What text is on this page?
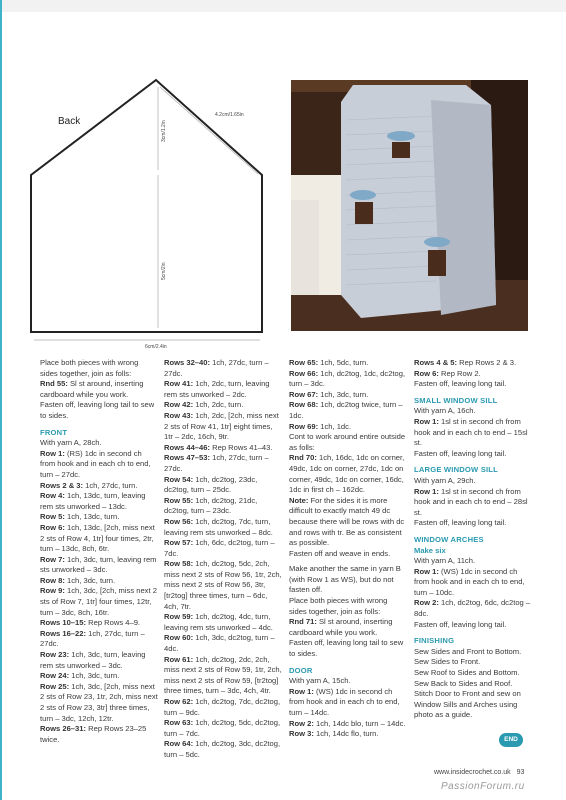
Back
4.2cm/1.65in
3cm/1.2in
5cm/2in
6cm/2.4in

Place both pieces with wrong sides together, join as folls:

Rnd 55: Sl st around, inserting cardboard while you work.

Fasten off, leaving long tail to sew to sides.

FRONT

With yarn A, 28ch.

Row 1: (RS) 1dc in second ch from hook and in each ch to end, turn – 27dc.

Rows 2 & 3: 1ch, 27dc, turn.

Row 4: 1ch, 13dc, turn, leaving rem sts unworked – 13dc.

Row 5: 1ch, 13dc, turn.

Row 6: 1ch, 13dc, [2ch, miss next 2 sts of Row 4, 1tr] four times, 2tr, turn – 13dc, 8ch, 6tr.

Row 7: 1ch, 3dc, turn, leaving rem sts unworked – 3dc.

Row 8: 1ch, 3dc, turn.

Row 9: 1ch, 3dc, [2ch, miss next 2 sts of Row 7, 1tr] four times, 12tr, turn – 3dc, 8ch, 16tr.

Rows 10–15: Rep Rows 4–9.

Rows 16–22: 1ch, 27dc, turn – 27dc.

Row 23: 1ch, 3dc, turn, leaving rem sts unworked – 3dc.

Row 24: 1ch, 3dc, turn.

Row 25: 1ch, 3dc, [2ch, miss next 2 sts of Row 23, 1tr, 2ch, miss next 2 sts of Row 23, 3tr] three times, turn – 3dc, 12ch, 12tr.

Rows 26–31: Rep Rows 23–25 twice.

Rows 32–40: 1ch, 27dc, turn – 27dc.

Row 41: 1ch, 2dc, turn, leaving rem sts unworked – 2dc.

Row 42: 1ch, 2dc, turn.

Row 43: 1ch, 2dc, [2ch, miss next 2 sts of Row 41, 1tr] eight times, 1tr – 2dc, 16ch, 9tr.

Rows 44–46: Rep Rows 41–43.

Rows 47–53: 1ch, 27dc, turn – 27dc.

Row 54: 1ch, dc2tog, 23dc, dc2tog, turn – 25dc.

Row 55: 1ch, dc2tog, 21dc, dc2tog, turn – 23dc.

Row 56: 1ch, dc2tog, 7dc, turn, leaving rem sts unworked – 8dc.

Row 57: 1ch, 6dc, dc2tog, turn – 7dc.

Row 58: 1ch, dc2tog, 5dc, 2ch, miss next 2 sts of Row 56, 1tr, 2ch, miss next 2 sts of Row 56, 3tr, [tr2tog] three times, turn – 6dc, 4ch, 7tr.

Row 59: 1ch, dc2tog, 4dc, turn, leaving rem sts unworked – 4dc.

Row 60: 1ch, 3dc, dc2tog, turn – 4dc.

Row 61: 1ch, dc2tog, 2dc, 2ch, miss next 2 sts of Row 59, 1tr, 2ch, miss next 2 sts of Row 59, [tr2tog] three times, turn – 3dc, 4ch, 4tr.

Row 62: 1ch, dc2tog, 7dc, dc2tog, turn – 9dc.

Row 63: 1ch, dc2tog, 5dc, dc2tog, turn – 7dc.

Row 64: 1ch, dc2tog, 3dc, dc2tog, turn – 5dc.

Row 65: 1ch, 5dc, turn.

Row 66: 1ch, dc2tog, 1dc, dc2tog, turn – 3dc.

Row 67: 1ch, 3dc, turn.

Row 68: 1ch, dc2tog twice, turn – 1dc.

Row 69: 1ch, 1dc.

Cont to work around entire outside as folls:

Rnd 70: 1ch, 16dc, 1dc on corner, 49dc, 1dc on corner, 27dc, 1dc on corner, 49dc, 1dc on corner, 16dc, 1dc in first ch – 162dc.

Note: For the sides it is more difficult to exactly match 49 dc because there will be rows with dc and rows with tr. Be as consistent as possible.

Fasten off and weave in ends.

Make another the same in yarn B (with Row 1 as WS), but do not fasten off.

Place both pieces with wrong sides together, join as folls:

Rnd 71: Sl st around, inserting cardboard while you work.

Fasten off, leaving long tail to sew to sides.

DOOR

With yarn A, 15ch.

Row 1: (WS) 1dc in second ch from hook and in each ch to end, turn – 14dc.

Row 2: 1ch, 14dc blo, turn – 14dc.

Row 3: 1ch, 14dc flo, turn.

Rows 4 & 5: Rep Rows 2 & 3.

Row 6: Rep Row 2.

Fasten off, leaving long tail.

SMALL WINDOW SILL

With yarn A, 16ch.

Row 1: 1sl st in second ch from hook and in each ch to end – 15sl st.

Fasten off, leaving long tail.

LARGE WINDOW SILL

With yarn A, 29ch.

Row 1: 1sl st in second ch from hook and in each ch to end – 28sl st.

Fasten off, leaving long tail.

WINDOW ARCHES

Make six

With yarn A, 11ch.

Row 1: (WS) 1dc in second ch from hook and in each ch to end, turn – 10dc.

Row 2: 1ch, dc2tog, 6dc, dc2tog – 8dc.

Fasten off, leaving long tail.

FINISHING

Sew Sides and Front to Bottom.

Sew Sides to Front.

Sew Roof to Sides and Bottom.

Sew Back to Sides and Roof.

Stitch Door to Front and sew on Window Sills and Arches using photo as a guide.

END
www.insidecrochet.co.uk 93
PassionForum.ru
